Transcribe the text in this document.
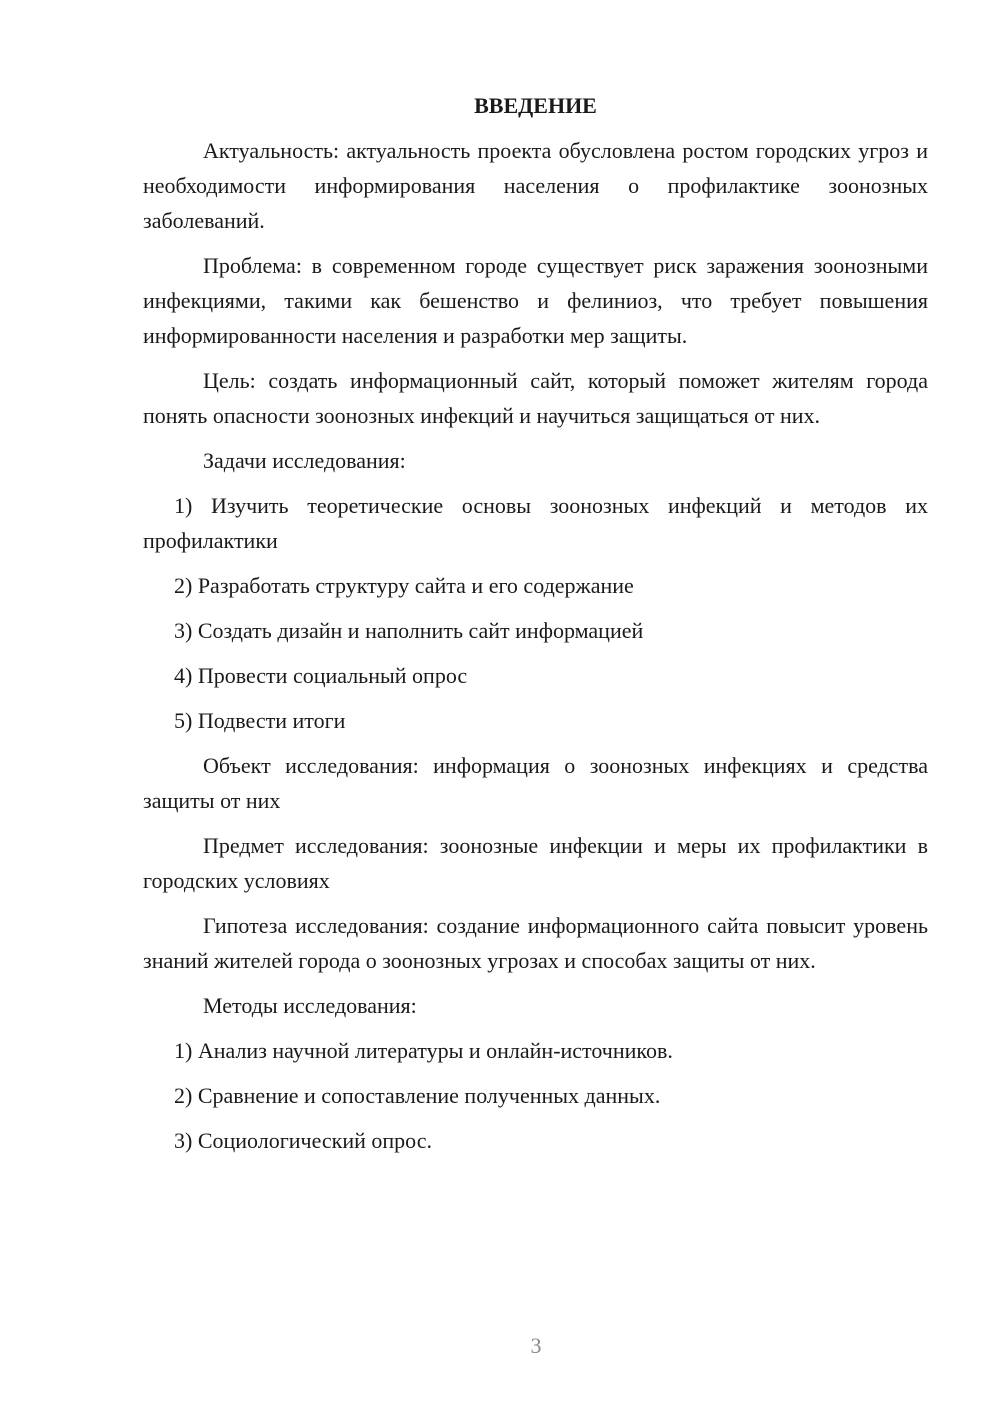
ВВЕДЕНИЕ

Актуальность: актуальность проекта обусловлена ростом городских угроз и необходимости информирования населения о профилактике зоонозных заболеваний.

Проблема: в современном городе существует риск заражения зоонозными инфекциями, такими как бешенство и фелиниоз, что требует повышения информированности населения и разработки мер защиты.

Цель: создать информационный сайт, который поможет жителям города понять опасности зоонозных инфекций и научиться защищаться от них.

Задачи исследования:

1) Изучить теоретические основы зоонозных инфекций и методов их профилактики

2) Разработать структуру сайта и его содержание

3) Создать дизайн и наполнить сайт информацией

4) Провести социальный опрос

5) Подвести итоги

Объект исследования: информация о зоонозных инфекциях и средства защиты от них

Предмет исследования: зоонозные инфекции и меры их профилактики в городских условиях

Гипотеза исследования: создание информационного сайта повысит уровень знаний жителей города о зоонозных угрозах и способах защиты от них.

Методы исследования:

1) Анализ научной литературы и онлайн-источников.

2) Сравнение и сопоставление полученных данных.

3) Социологический опрос.

3
